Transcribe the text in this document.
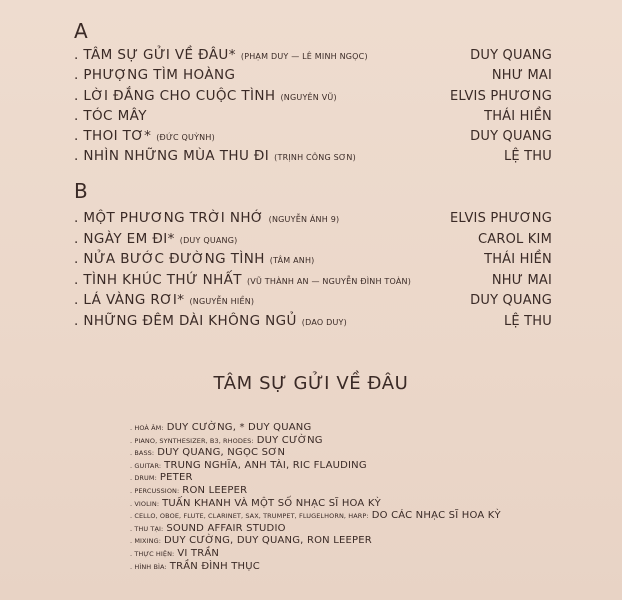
A
. TÂM SỰ GỬI VỀ ĐÂU * (PHẠM DUY — LÊ MINH NGỌC)	DUY QUANG
. PHƯỢNG TÌM HOÀNG	NHƯ MAI
. LỜI ĐẮNG CHO CUỘC TÌNH (NGUYÊN VŨ)	ELVIS PHƯƠNG
. TÓC MÂY	THÁI HIỀN
. THOI TƠ * (ĐỨC QUỲNH)	DUY QUANG
. NHÌN NHỮNG MÙA THU ĐI (TRỊNH CÔNG SƠN)	LỆ THU
B
. MỘT PHƯƠNG TRỜI NHỚ (NGUYỄN ÁNH 9)	ELVIS PHƯƠNG
. NGÀY EM ĐI * (DUY QUANG)	CAROL KIM
. NỬA BƯỚC ĐƯỜNG TÌNH (TÂM ANH)	THÁI HIỀN
. TÌNH KHÚC THỨ NHẤT (VŨ THÀNH AN — NGUYỄN ĐÌNH TOÀN)	NHƯ MAI
. LÁ VÀNG RƠI * (NGUYỄN HIỀN)	DUY QUANG
. NHỮNG ĐÊM DÀI KHÔNG NGỦ (DAO DUY)	LỆ THU
TÂM SỰ GỬI VỀ ĐÂU
. HOÀ ÂM: DUY CƯỜNG, * DUY QUANG
. PIANO, SYNTHESIZER, B3, RHODES: DUY CƯỜNG
. BASS: DUY QUANG, NGỌC SƠN
. GUITAR: TRUNG NGHĨA, ANH TÀI, RIC FLAUDING
. DRUM: PETER
. PERCUSSION: RON LEEPER
. VIOLIN: TUẤN KHANH VÀ MỘT SỐ NHẠC SĨ HOA KỲ
. CELLO, OBOE, FLUTE, CLARINET, SAX, TRUMPET, FLUGELHORN, HARP: DO CÁC NHẠC SĨ HOA KỲ
. THU TẠI: SOUND AFFAIR STUDIO
. MIXING: DUY CƯỜNG, DUY QUANG, RON LEEPER
. THỰC HIỆN: VI TRẦN
. HÌNH BÌA: TRẦN ĐÌNH THỤC
